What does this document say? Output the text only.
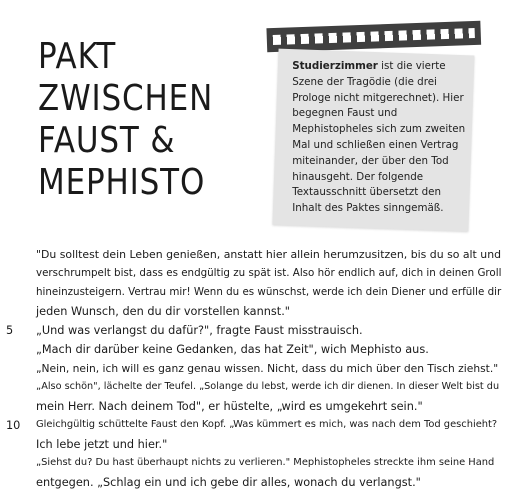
PAKT
ZWISCHEN
FAUST &
MEPHISTO

Studierzimmer ist die vierte Szene der Tragödie (die drei Prologe nicht mitgerechnet). Hier begegnen Faust und Mephistopheles sich zum zweiten Mal und schließen einen Vertrag miteinander, der über den Tod hinausgeht. Der folgende Textausschnitt übersetzt den Inhalt des Paktes sinngemäß.

"Du solltest dein Leben genießen, anstatt hier allein herumzusitzen, bis du so alt und
verschrumpelt bist, dass es endgültig zu spät ist. Also hör endlich auf, dich in deinen Groll
hineinzusteigern. Vertrau mir! Wenn du es wünschst, werde ich dein Diener und erfülle dir
jeden Wunsch, den du dir vorstellen kannst."
5 „Und was verlangst du dafür?", fragte Faust misstrauisch.
„Mach dir darüber keine Gedanken, das hat Zeit", wich Mephisto aus.
„Nein, nein, ich will es ganz genau wissen. Nicht, dass du mich über den Tisch ziehst."
„Also schön", lächelte der Teufel. „Solange du lebst, werde ich dir dienen. In dieser Welt bist du
mein Herr. Nach deinem Tod", er hüstelte, „wird es umgekehrt sein."
10 Gleichgültig schüttelte Faust den Kopf. „Was kümmert es mich, was nach dem Tod geschieht?
Ich lebe jetzt und hier."
„Siehst du? Du hast überhaupt nichts zu verlieren." Mephistopheles streckte ihm seine Hand
entgegen. „Schlag ein und ich gebe dir alles, wonach du verlangst."
